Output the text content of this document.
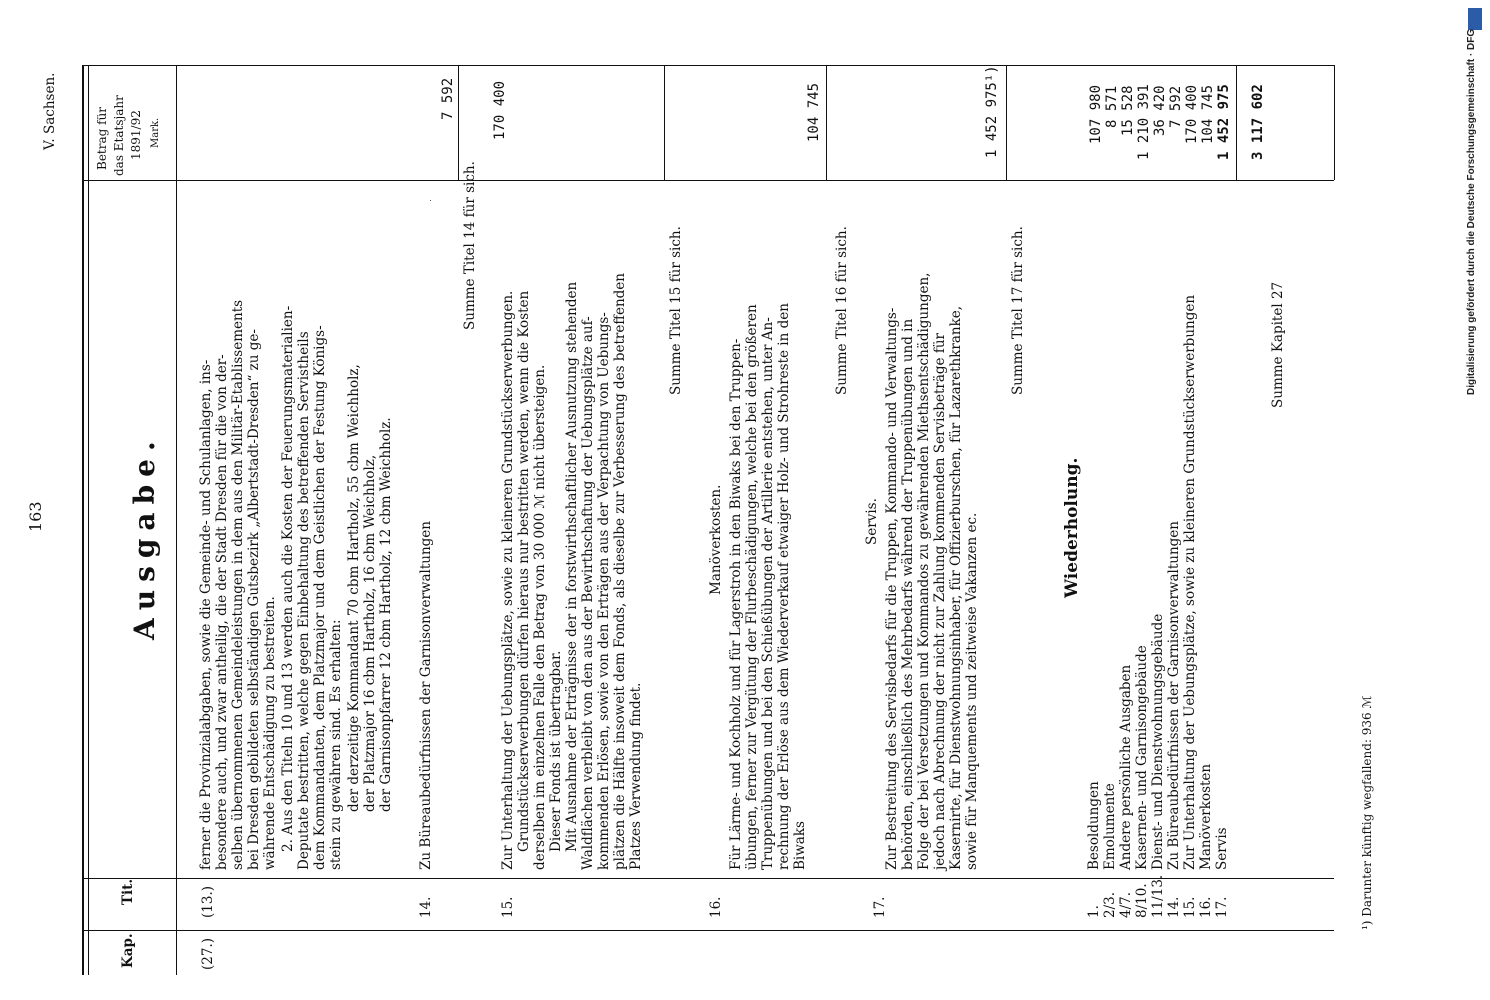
V. Sachsen.
163
Kap.
Tit.
Betrag für das Etatsjahr 1891/92 Mark.
Ausgabe.
(27.)
(13.)
ferner die Provinzialabgaben, sowie die Gemeinde- und Schulanlagen, ins- besondere auch, und zwar antheilig, die der Stadt Dresden für die von der- selben übernommenen Gemeindeleistungen in dem aus den Militär-Etablissements bei Dresden gebildeten selbständigen Gutsbezirk „Albertstadt-Dresden“ zu ge- währende Entschädigung zu bestreiten. 2. Aus den Titeln 10 und 13 werden auch die Kosten der Feuerungsmaterialien- Deputate bestritten, welche gegen Einbehaltung des betreffenden Servistheils dem Kommandanten, dem Platzmajor und dem Geistlichen der Festung Königs- stein zu gewähren sind. Es erhalten: der derzeitige Kommandant 70 cbm Hartholz, 55 cbm Weichholz, der Platzmajor 16 cbm Hartholz, 16 cbm Weichholz, der Garnisonpfarrer 12 cbm Hartholz, 12 cbm Weichholz.
14.
Zu Büreaubedürfnissen der Garnisonverwaltungen
7 592
Summe Titel 14 für sich.
15.
Zur Unterhaltung der Uebungsplätze, sowie zu kleineren Grundstückserwerbungen. Grundstückserwerbungen dürfen hieraus nur bestritten werden, wenn die Kosten derselben im einzelnen Falle den Betrag von 30 000 ℳ nicht übersteigen. Dieser Fonds ist übertragbar. Mit Ausnahme der Erträgnisse der in forstwirthschaftlicher Ausnutzung stehenden Waldflächen verbleibt von den aus der Bewirthschaftung der Uebungsplätze auf- kommenden Erlösen, sowie von den Erträgen aus der Verpachtung von Uebungs- plätzen die Hälfte insoweit dem Fonds, als dieselbe zur Verbesserung des betreffenden Platzes Verwendung findet.
170 400
Summe Titel 15 für sich.
16.
Manöverkosten. Für Lärme- und Kochholz und für Lagerstroh in den Biwaks bei den Truppen- übungen, ferner zur Vergütung der Flurbeschädigungen, welche bei den größeren Truppenübungen und bei den Schießübungen der Artillerie entstehen, unter An- rechnung der Erlöse aus dem Wiederverkauf etwaiger Holz- und Strohreste in den Biwaks
104 745
Summe Titel 16 für sich.
17.
Servis. Zur Bestreitung des Servisbedarfs für die Truppen, Kommando- und Verwaltungs- behörden, einschließlich des Mehrbedarfs während der Truppenübungen und in Folge der bei Versetzungen und Kommandos zu gewährenden Miethsentschädigungen, jedoch nach Abrechnung der nicht zur Zahlung kommenden Servisbeträge für Kasernirte, für Dienstwohnungsinhaber, für Offizierburschen, für Lazarethkranke, sowie für Manquements und zeitweise Vakanzen ec.
1 452 975¹)
Summe Titel 17 für sich.
Wiederholung.
1.
Besoldungen
107 980
2/3.
Emolumente
8 571
4/7.
Andere persönliche Ausgaben
15 528
8/10.
Kasernen- und Garnisongebäude
1 210 391
11/13.
Dienst- und Dienstwohnungsgebäude
36 420
14.
Zu Büreaubedürfnissen der Garnisonverwaltungen
7 592
15.
Zur Unterhaltung der Uebungsplätze, sowie zu kleineren Grundstückserwerbungen
170 400
16.
Manöverkosten
104 745
17.
Servis
1 452 975 3 117 602
Summe Kapitel 27
¹) Darunter künftig wegfallend: 936 ℳ
Digitalisierung gefördert durch die Deutsche Forschungsgemeinschaft · DFG
